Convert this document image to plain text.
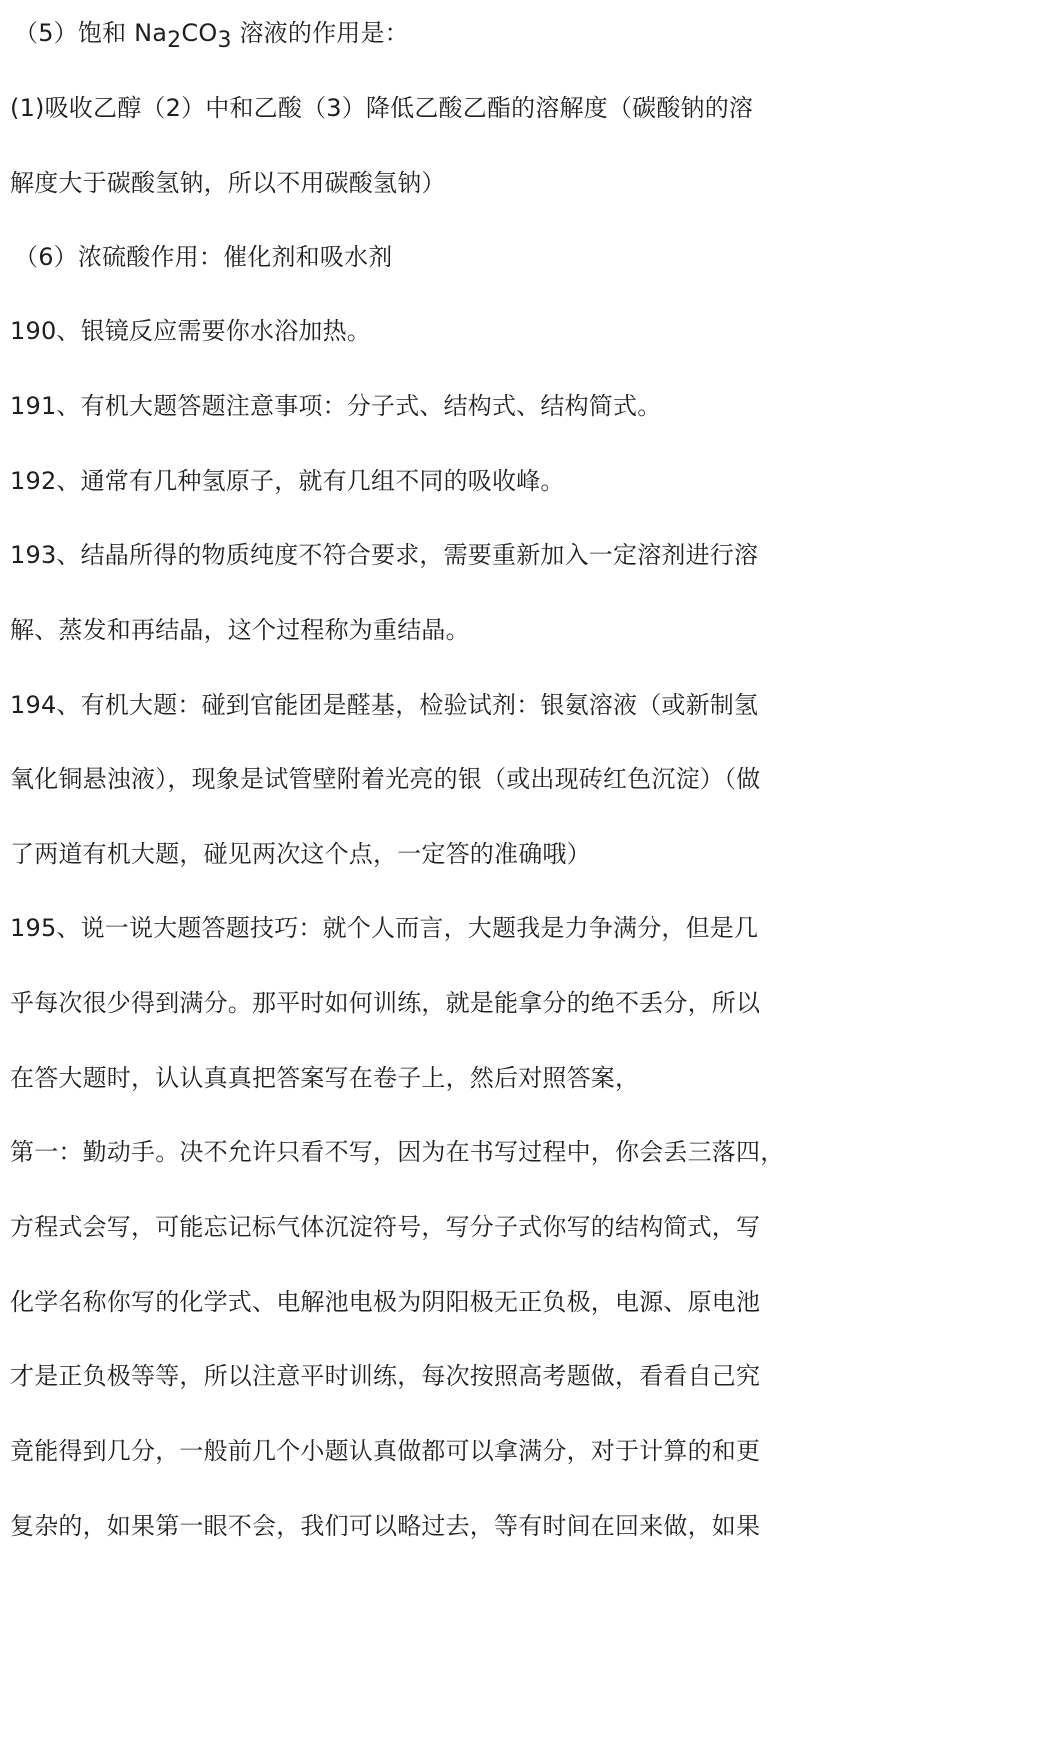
（5）饱和 $Na_2CO_3$ 溶液的作用是：
(1)吸收乙醇（2）中和乙酸（3）降低乙酸乙酯的溶解度（碳酸钠的溶
解度大于碳酸氢钠，所以不用碳酸氢钠）
（6）浓硫酸作用：催化剂和吸水剂
190、银镜反应需要你水浴加热。
191、有机大题答题注意事项：分子式、结构式、结构简式。
192、通常有几种氢原子，就有几组不同的吸收峰。
193、结晶所得的物质纯度不符合要求，需要重新加入一定溶剂进行溶
解、蒸发和再结晶，这个过程称为重结晶。
194、有机大题：碰到官能团是醛基，检验试剂：银氨溶液（或新制氢
氧化铜悬浊液），现象是试管壁附着光亮的银（或出现砖红色沉淀）（做
了两道有机大题，碰见两次这个点，一定答的准确哦）
195、说一说大题答题技巧：就个人而言，大题我是力争满分，但是几
乎每次很少得到满分。那平时如何训练，就是能拿分的绝不丢分，所以
在答大题时，认认真真把答案写在卷子上，然后对照答案，
第一：勤动手。决不允许只看不写，因为在书写过程中，你会丢三落四，
方程式会写，可能忘记标气体沉淀符号，写分子式你写的结构简式，写
化学名称你写的化学式、电解池电极为阴阳极无正负极，电源、原电池
才是正负极等等，所以注意平时训练，每次按照高考题做，看看自己究
竟能得到几分，一般前几个小题认真做都可以拿满分，对于计算的和更
复杂的，如果第一眼不会，我们可以略过去，等有时间在回来做，如果
